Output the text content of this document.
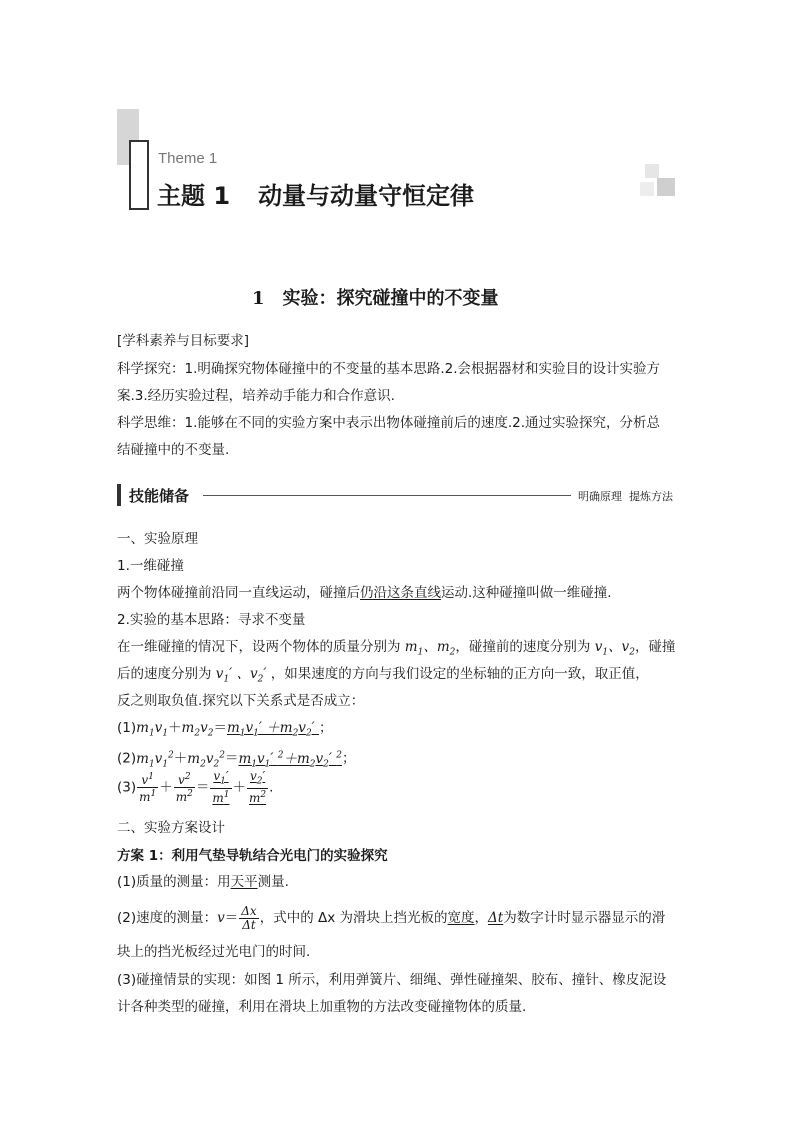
Theme 1
主题 1 动量与动量守恒定律
1 实验：探究碰撞中的不变量
[学科素养与目标要求]
科学探究：1.明确探究物体碰撞中的不变量的基本思路.2.会根据器材和实验目的设计实验方
案.3.经历实验过程，培养动手能力和合作意识.
科学思维：1.能够在不同的实验方案中表示出物体碰撞前后的速度.2.通过实验探究，分析总
结碰撞中的不变量.
技能储备	明确原理  提炼方法
一、实验原理
1.一维碰撞
两个物体碰撞前沿同一直线运动，碰撞后仍沿这条直线运动.这种碰撞叫做一维碰撞.
2.实验的基本思路：寻求不变量
在一维碰撞的情况下，设两个物体的质量分别为 $m_1$、$m_2$，碰撞前的速度分别为 $v_1$、$v_2$，碰撞
后的速度分别为 $v_1'$ 、$v_2'$ ，如果速度的方向与我们设定的坐标轴的正方向一致，取正值，
反之则取负值.探究以下关系式是否成立：
$(1)m_1v_1+m_2v_2=m_1v_1' +m_2v_2'$ ；
$(2)m_1v_1^2+m_2v_2^2=m_1v_1'$ $^2+m_2v_2'$ $^2$；
$(3) \frac{v^1}{m^1} + \frac{v^2}{m^2} = \frac{v_1'}{m^1} + \frac{v_2'}{m^2}$ .
二、实验方案设计
方案 1：利用气垫导轨结合光电门的实验探究
(1)质量的测量：用天平测量.
(2)速度的测量：$v= \frac{\Delta x}{\Delta t}$ ，式中的 Δx 为滑块上挡光板的宽度，Δt为数字计时显示器显示的滑
块上的挡光板经过光电门的时间.
(3)碰撞情景的实现：如图 1 所示，利用弹簧片、细绳、弹性碰撞架、胶布、撞针、橡皮泥设
计各种类型的碰撞，利用在滑块上加重物的方法改变碰撞物体的质量.
